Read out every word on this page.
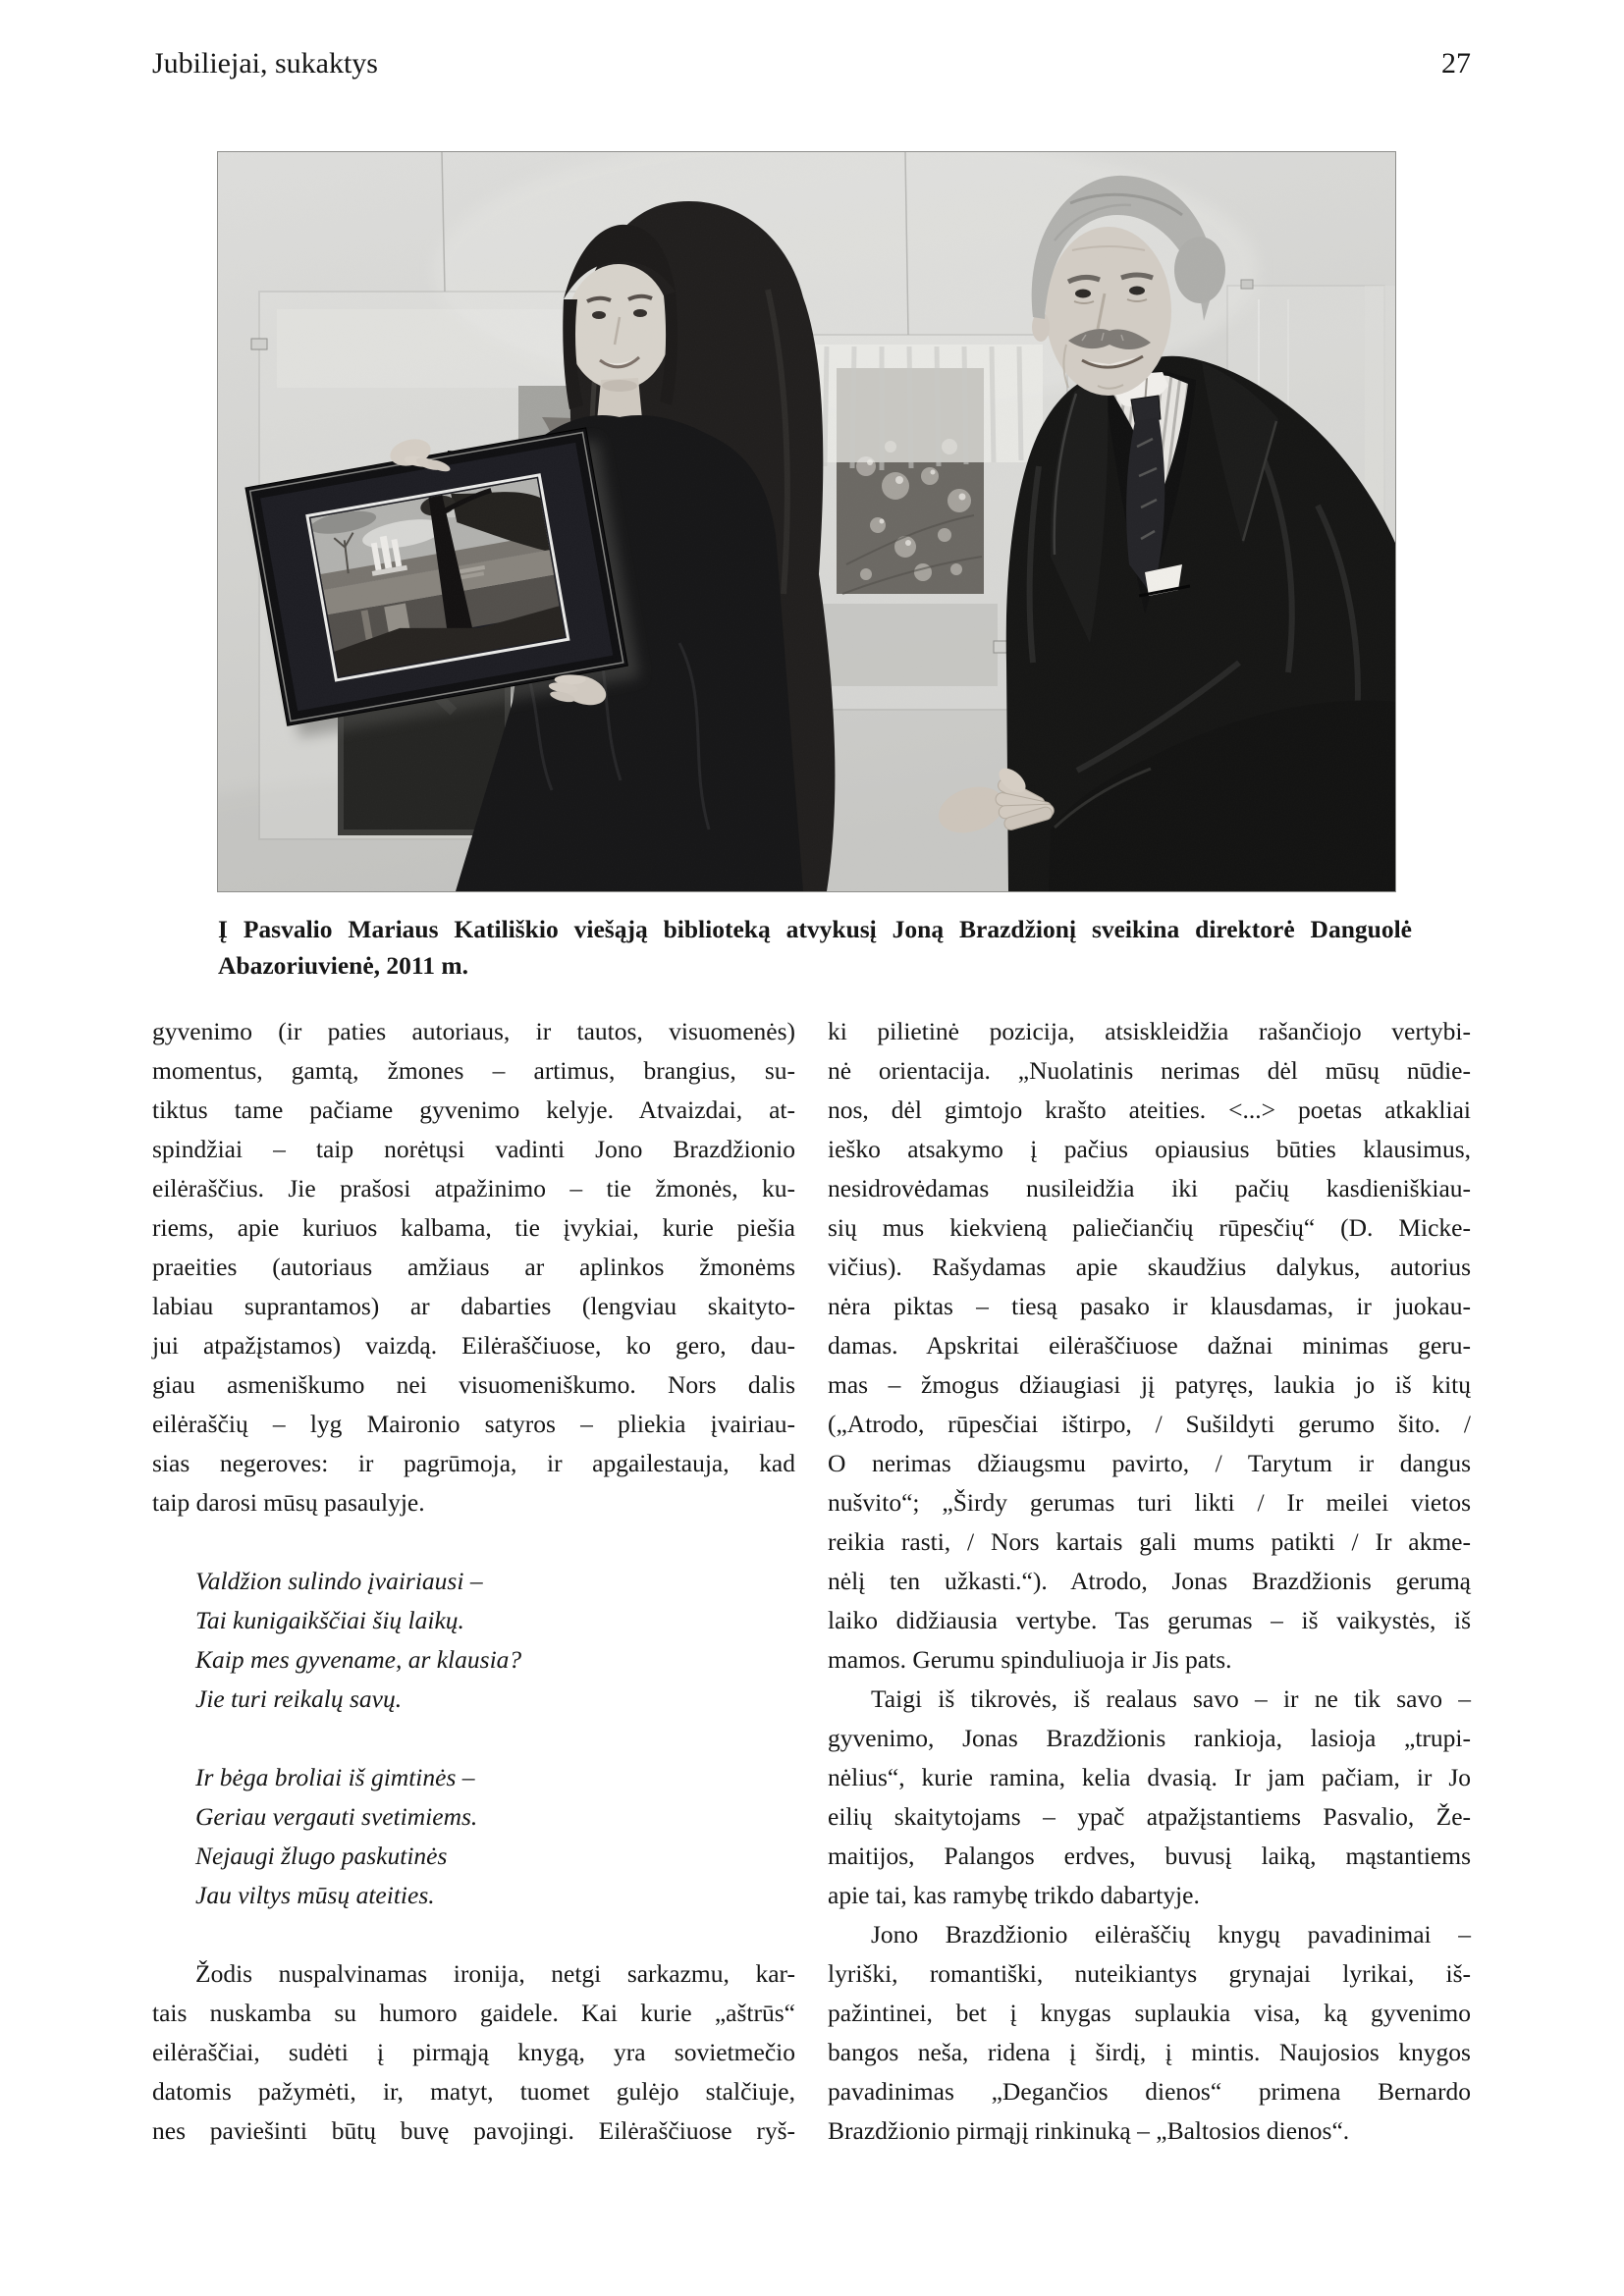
Jubiliejai, sukaktys	27
Į Pasvalio Mariaus Katiliškio viešąją biblioteką atvykusį Joną Brazdžionį sveikina direktorė Danguolė
Abazoriuvienė, 2011 m.
gyvenimo (ir paties autoriaus, ir tautos, visuomenės)
momentus, gamtą, žmones – artimus, brangius, su-
tiktus tame pačiame gyvenimo kelyje. Atvaizdai, at-
spindžiai – taip norėtųsi vadinti Jono Brazdžionio
eilėraščius. Jie prašosi atpažinimo – tie žmonės, ku-
riems, apie kuriuos kalbama, tie įvykiai, kurie piešia
praeities (autoriaus amžiaus ar aplinkos žmonėms
labiau suprantamos) ar dabarties (lengviau skaityto-
jui atpažįstamos) vaizdą. Eilėraščiuose, ko gero, dau-
giau asmeniškumo nei visuomeniškumo. Nors dalis
eilėraščių – lyg Maironio satyros – pliekia įvairiau-
sias negeroves: ir pagrūmoja, ir apgailestauja, kad
taip darosi mūsų pasaulyje.
Valdžion sulindo įvairiausi –
Tai kunigaikščiai šių laikų.
Kaip mes gyvename, ar klausia?
Jie turi reikalų savų.
Ir bėga broliai iš gimtinės –
Geriau vergauti svetimiems.
Nejaugi žlugo paskutinės
Jau viltys mūsų ateities.
Žodis nuspalvinamas ironija, netgi sarkazmu, kar-
tais nuskamba su humoro gaidele. Kai kurie „aštrūs“
eilėraščiai, sudėti į pirmąją knygą, yra sovietmečio
datomis pažymėti, ir, matyt, tuomet gulėjo stalčiuje,
nes paviešinti būtų buvę pavojingi. Eilėraščiuose ryš-
ki pilietinė pozicija, atsiskleidžia rašančiojo vertybi-
nė orientacija. „Nuolatinis nerimas dėl mūsų nūdie-
nos, dėl gimtojo krašto ateities. <...> poetas atkakliai
ieško atsakymo į pačius opiausius būties klausimus,
nesidrovėdamas nusileidžia iki pačių kasdieniškiau-
sių mus kiekvieną paliečiančių rūpesčių“ (D. Micke-
vičius). Rašydamas apie skaudžius dalykus, autorius
nėra piktas – tiesą pasako ir klausdamas, ir juokau-
damas. Apskritai eilėraščiuose dažnai minimas geru-
mas – žmogus džiaugiasi jį patyręs, laukia jo iš kitų
(„Atrodo, rūpesčiai ištirpo, / Sušildyti gerumo šito. /
O nerimas džiaugsmu pavirto, / Tarytum ir dangus
nušvito“; „Širdy gerumas turi likti / Ir meilei vietos
reikia rasti, / Nors kartais gali mums patikti / Ir akme-
nėlį ten užkasti.“). Atrodo, Jonas Brazdžionis gerumą
laiko didžiausia vertybe. Tas gerumas – iš vaikystės, iš
mamos. Gerumu spinduliuoja ir Jis pats.
Taigi iš tikrovės, iš realaus savo – ir ne tik savo –
gyvenimo, Jonas Brazdžionis rankioja, lasioja „trupi-
nėlius“, kurie ramina, kelia dvasią. Ir jam pačiam, ir Jo
eilių skaitytojams – ypač atpažįstantiems Pasvalio, Že-
maitijos, Palangos erdves, buvusį laiką, mąstantiems
apie tai, kas ramybę trikdo dabartyje.
Jono Brazdžionio eilėraščių knygų pavadinimai –
lyriški, romantiški, nuteikiantys grynajai lyrikai, iš-
pažintinei, bet į knygas suplaukia visa, ką gyvenimo
bangos neša, ridena į širdį, į mintis. Naujosios knygos
pavadinimas „Degančios dienos“ primena Bernardo
Brazdžionio pirmąjį rinkinuką – „Baltosios dienos“.
